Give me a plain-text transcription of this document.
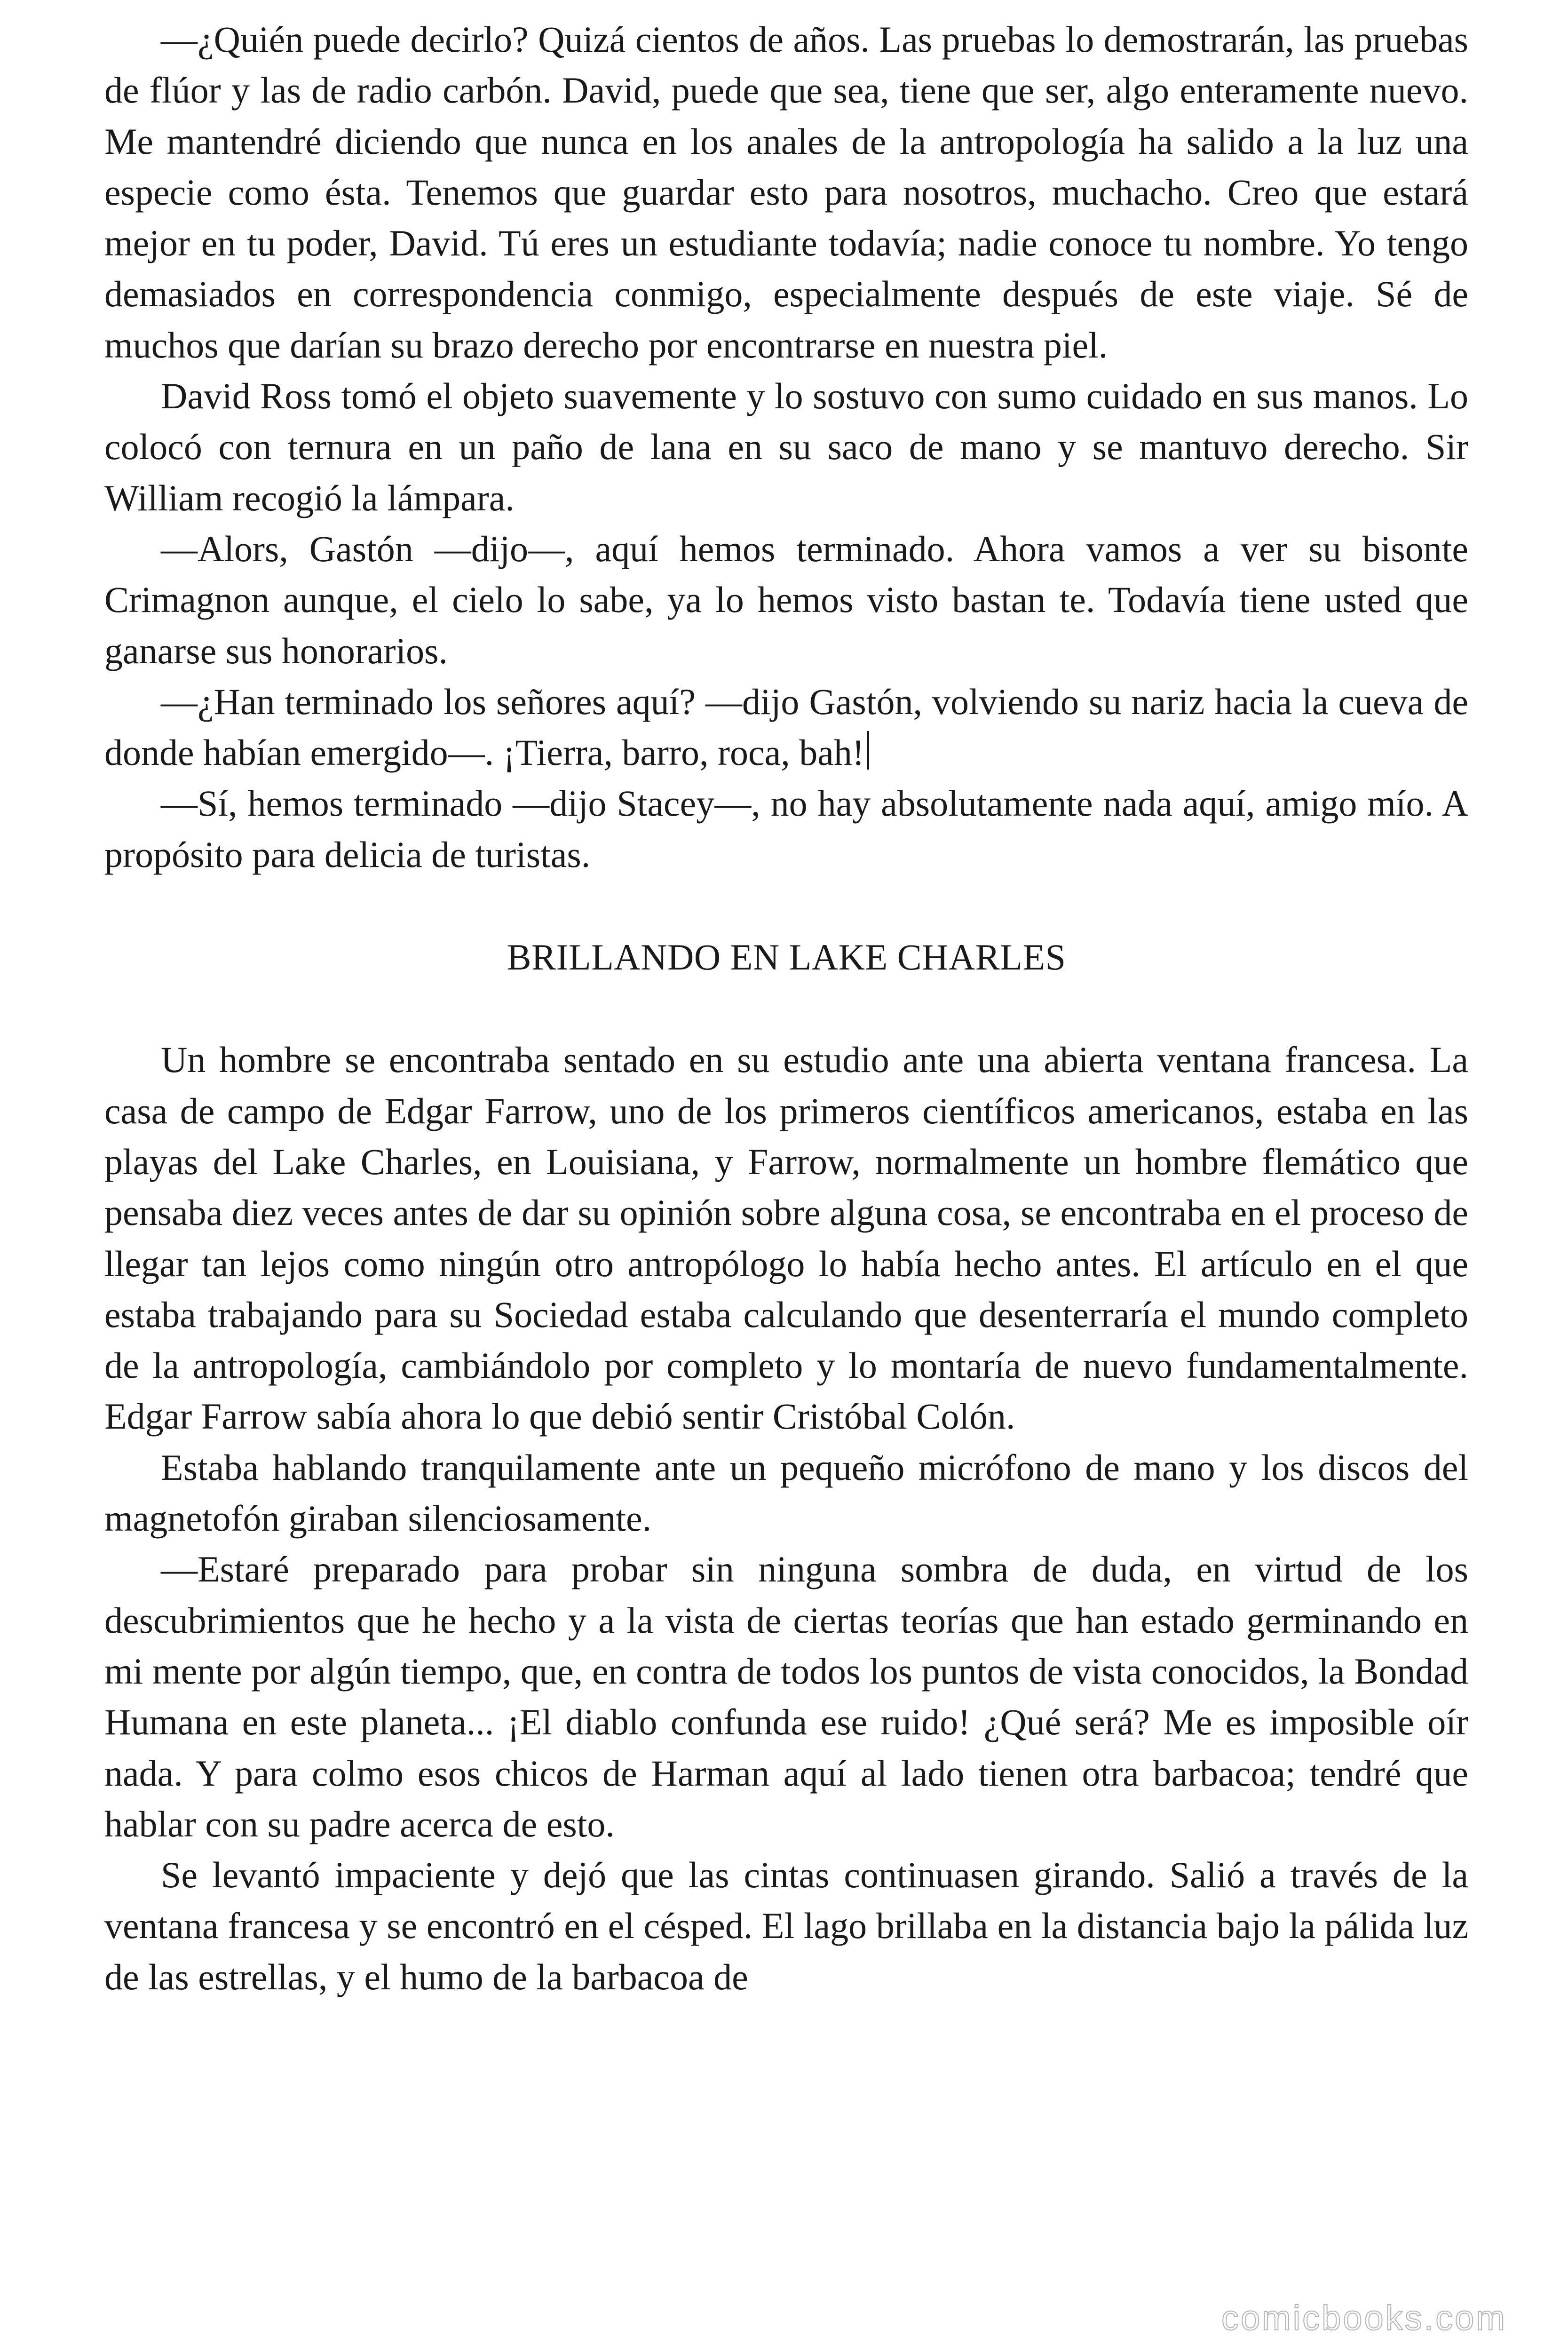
—¿Quién puede decirlo? Quizá cientos de años. Las pruebas lo demostrarán, las pruebas de flúor y las de radio carbón. David, puede que sea, tiene que ser, algo enteramente nuevo. Me mantendré diciendo que nunca en los anales de la antropología ha salido a la luz una especie como ésta. Tenemos que guardar esto para nosotros, muchacho. Creo que estará mejor en tu poder, David. Tú eres un estudiante todavía; nadie conoce tu nombre. Yo tengo demasiados en correspondencia conmigo, especialmente después de este viaje. Sé de muchos que darían su brazo derecho por encontrarse en nuestra piel.

David Ross tomó el objeto suavemente y lo sostuvo con sumo cuidado en sus manos. Lo colocó con ternura en un paño de lana en su saco de mano y se mantuvo derecho. Sir William recogió la lámpara.

—Alors, Gastón —dijo—, aquí hemos terminado. Ahora vamos a ver su bisonte Crimagnon aunque, el cielo lo sabe, ya lo hemos visto bastan te. Todavía tiene usted que ganarse sus honorarios.

—¿Han terminado los señores aquí? —dijo Gastón, volviendo su nariz hacia la cueva de donde habían emergido—. ¡Tierra, barro, roca, bah!

—Sí, hemos terminado —dijo Stacey—, no hay absolutamente nada aquí, amigo mío. A propósito para delicia de turistas.

BRILLANDO EN LAKE CHARLES

Un hombre se encontraba sentado en su estudio ante una abierta ventana francesa. La casa de campo de Edgar Farrow, uno de los primeros científicos americanos, estaba en las playas del Lake Charles, en Louisiana, y Farrow, normalmente un hombre flemático que pensaba diez veces antes de dar su opinión sobre alguna cosa, se encontraba en el proceso de llegar tan lejos como ningún otro antropólogo lo había hecho antes. El artículo en el que estaba trabajando para su Sociedad estaba calculando que desenterraría el mundo completo de la antropología, cambiándolo por completo y lo montaría de nuevo fundamentalmente. Edgar Farrow sabía ahora lo que debió sentir Cristóbal Colón.

Estaba hablando tranquilamente ante un pequeño micrófono de mano y los discos del magnetofón giraban silenciosamente.

—Estaré preparado para probar sin ninguna sombra de duda, en virtud de los descubrimientos que he hecho y a la vista de ciertas teorías que han estado germinando en mi mente por algún tiempo, que, en contra de todos los puntos de vista conocidos, la Bondad Humana en este planeta... ¡El diablo confunda ese ruido! ¿Qué será? Me es imposible oír nada. Y para colmo esos chicos de Harman aquí al lado tienen otra barbacoa; tendré que hablar con su padre acerca de esto.

Se levantó impaciente y dejó que las cintas continuasen girando. Salió a través de la ventana francesa y se encontró en el césped. El lago brillaba en la distancia bajo la pálida luz de las estrellas, y el humo de la barbacoa de

comicbooks.com
